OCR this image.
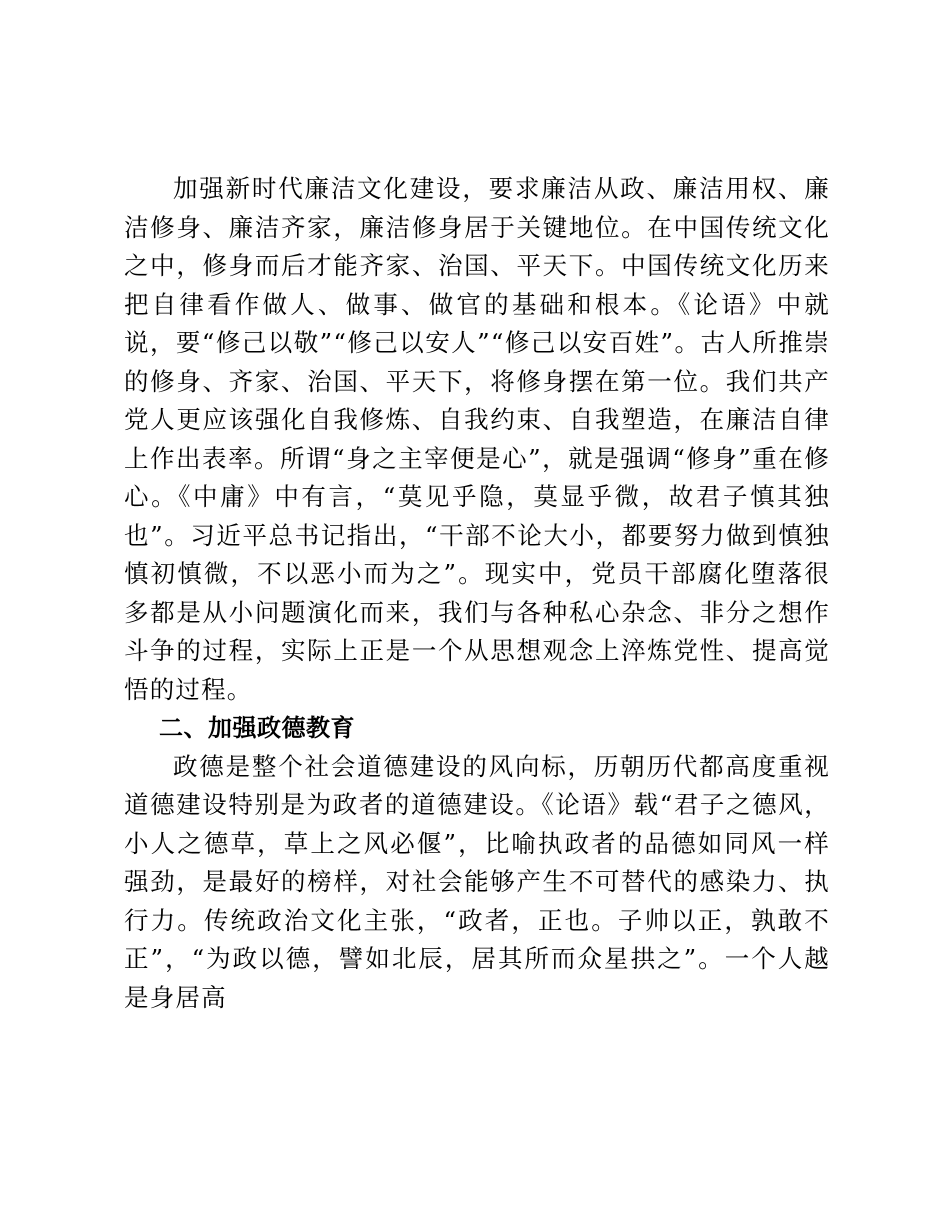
加强新时代廉洁文化建设，要求廉洁从政、廉洁用权、廉洁修身、廉洁齐家，廉洁修身居于关键地位。在中国传统文化之中，修身而后才能齐家、治国、平天下。中国传统文化历来把自律看作做人、做事、做官的基础和根本。《论语》中就说，要“修己以敬”“修己以安人”“修己以安百姓”。古人所推崇的修身、齐家、治国、平天下，将修身摆在第一位。我们共产党人更应该强化自我修炼、自我约束、自我塑造，在廉洁自律上作出表率。所谓“身之主宰便是心”，就是强调“修身”重在修心。《中庸》中有言，“莫见乎隐，莫显乎微，故君子慎其独也”。习近平总书记指出，“干部不论大小，都要努力做到慎独慎初慎微，不以恶小而为之”。现实中，党员干部腐化堕落很多都是从小问题演化而来，我们与各种私心杂念、非分之想作斗争的过程，实际上正是一个从思想观念上淬炼党性、提高觉悟的过程。

二、加强政德教育

政德是整个社会道德建设的风向标，历朝历代都高度重视道德建设特别是为政者的道德建设。《论语》载“君子之德风，小人之德草，草上之风必偃”，比喻执政者的品德如同风一样强劲，是最好的榜样，对社会能够产生不可替代的感染力、执行力。传统政治文化主张，“政者，正也。子帅以正，孰敢不正”，“为政以德，譬如北辰，居其所而众星拱之”。一个人越是身居高
